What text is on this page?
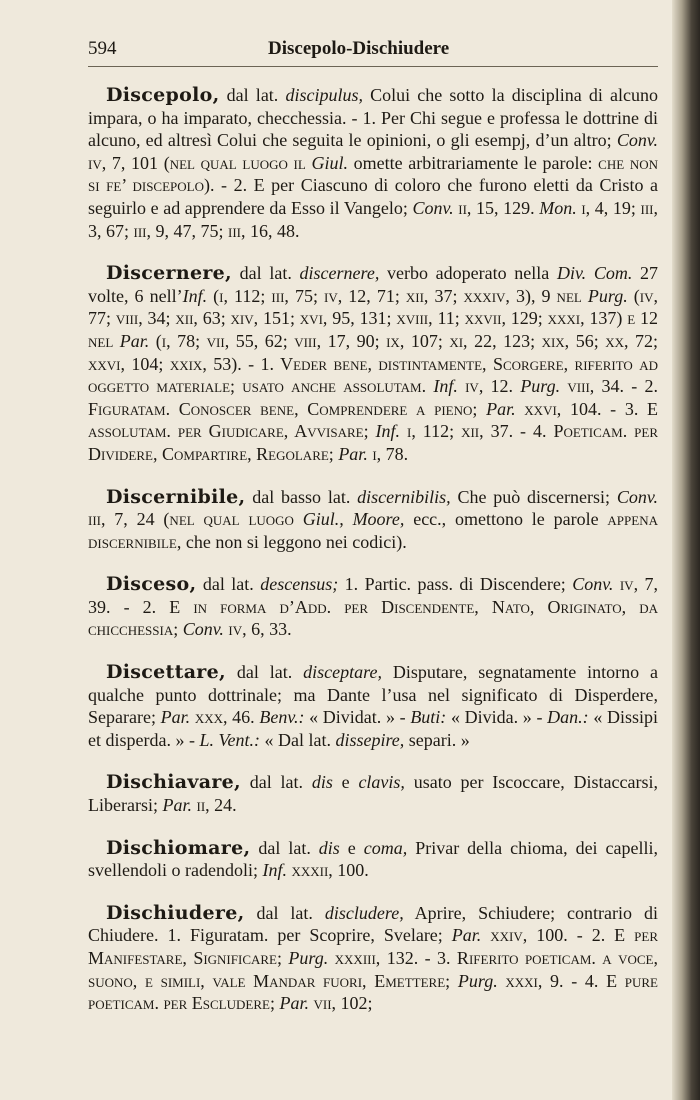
594	Discepolo-Dischiudere

Discepolo, dal lat. discipulus, Colui che sotto la disciplina di alcuno impara, o ha imparato, checchessia. - 1. Per Chi segue e professa le dottrine di alcuno, ed altresì Colui che seguita le opinioni, o gli esempj, d’un altro; Conv. iv, 7, 101 (nel qual luogo il Giul. omette arbitrariamente le parole: che non si fe’ discepolo). - 2. E per Ciascuno di coloro che furono eletti da Cristo a seguirlo e ad apprendere da Esso il Vangelo; Conv. ii, 15, 129. Mon. i, 4, 19; iii, 3, 67; iii, 9, 47, 75; iii, 16, 48.

Discernere, dal lat. discernere, verbo adoperato nella Div. Com. 27 volte, 6 nell’Inf. (i, 112; iii, 75; iv, 12, 71; xii, 37; xxxiv, 3), 9 nel Purg. (iv, 77; viii, 34; xii, 63; xiv, 151; xvi, 95, 131; xviii, 11; xxvii, 129; xxxi, 137) e 12 nel Par. (i, 78; vii, 55, 62; viii, 17, 90; ix, 107; xi, 22, 123; xix, 56; xx, 72; xxvi, 104; xxix, 53). - 1. Veder bene, distintamente, Scorgere, riferito ad oggetto materiale; usato anche assolutam. Inf. iv, 12. Purg. viii, 34. - 2. Figuratam. Conoscer bene, Comprendere a pieno; Par. xxvi, 104. - 3. E assolutam. per Giudicare, Avvisare; Inf. i, 112; xii, 37. - 4. Poeticam. per Dividere, Compartire, Regolare; Par. i, 78.

Discernibile, dal basso lat. discernibilis, Che può discernersi; Conv. iii, 7, 24 (nel qual luogo Giul., Moore, ecc., omettono le parole appena discernibile, che non si leggono nei codici).

Disceso, dal lat. descensus; 1. Partic. pass. di Discendere; Conv. iv, 7, 39. - 2. E in forma d’Add. per Discendente, Nato, Originato, da chicchessia; Conv. iv, 6, 33.

Discettare, dal lat. disceptare, Disputare, segnatamente intorno a qualche punto dottrinale; ma Dante l’usa nel significato di Disperdere, Separare; Par. xxx, 46. Benv.: « Dividat. » - Buti: « Divida. » - Dan.: « Dissipi et disperda. » - L. Vent.: « Dal lat. dissepire, separi. »

Dischiavare, dal lat. dis e clavis, usato per Iscoccare, Distaccarsi, Liberarsi; Par. ii, 24.

Dischiomare, dal lat. dis e coma, Privar della chioma, dei capelli, svellendoli o radendoli; Inf. xxxii, 100.

Dischiudere, dal lat. discludere, Aprire, Schiudere; contrario di Chiudere. 1. Figuratam. per Scoprire, Svelare; Par. xxiv, 100. - 2. E per Manifestare, Significare; Purg. xxxiii, 132. - 3. Riferito poeticam. a voce, suono, e simili, vale Mandar fuori, Emettere; Purg. xxxi, 9. - 4. E pure poeticam. per Escludere; Par. vii, 102;
